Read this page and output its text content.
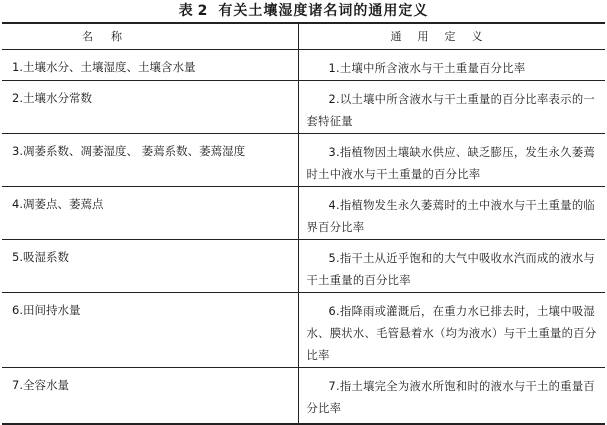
表 2 有关土壤湿度诸名词的通用定义
名称	通用定义

1.土壤水分、土壤湿度、土壤含水量	1.土壤中所含液水与干土重量百分比率

2.土壤水分常数	2.以土壤中所含液水与干土重量的百分比率表示的一套特征量

3.凋萎系数、凋萎湿度、 萎蔫系数、萎蔫湿度	3.指植物因土壤缺水供应、缺乏膨压，发生永久萎蔫时土中液水与干土重量的百分比率

4.凋萎点、萎蔫点	4.指植物发生永久萎蔫时的土中液水与干土重量的临界百分比率

5.吸湿系数	5.指干土从近乎饱和的大气中吸收水汽而成的液水与干土重量的百分比率

6.田间持水量	6.指降雨或灌溉后，在重力水已排去时，土壤中吸湿水、膜状水、毛管悬着水（均为液水）与干土重量的百分比率

7.全容水量	7.指土壤完全为液水所饱和时的液水与干土的重量百分比率
